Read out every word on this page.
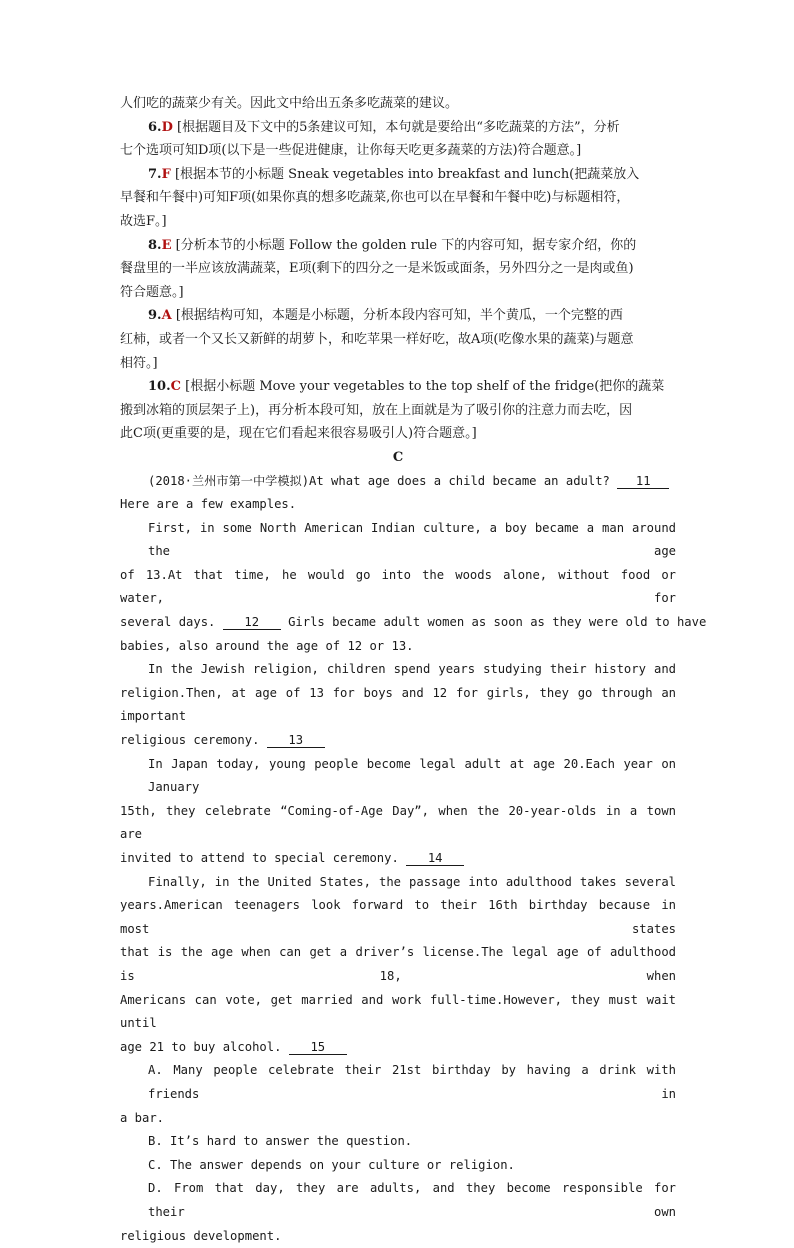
人们吃的蔬菜少有关。因此文中给出五条多吃蔬菜的建议。
6.D [根据题目及下文中的5条建议可知，本句就是要给出“多吃蔬菜的方法”，分析
七个选项可知D项(以下是一些促进健康，让你每天吃更多蔬菜的方法)符合题意。]
7.F [根据本节的小标题 Sneak vegetables into breakfast and lunch(把蔬菜放入
早餐和午餐中)可知F项(如果你真的想多吃蔬菜,你也可以在早餐和午餐中吃)与标题相符，
故选F。]
8.E [分析本节的小标题 Follow the golden rule 下的内容可知，据专家介绍，你的
餐盘里的一半应该放满蔬菜，E项(剩下的四分之一是米饭或面条，另外四分之一是肉或鱼)
符合题意。]
9.A [根据结构可知，本题是小标题，分析本段内容可知，半个黄瓜，一个完整的西
红柿，或者一个又长又新鲜的胡萝卜，和吃苹果一样好吃，故A项(吃像水果的蔬菜)与题意
相符。]
10.C [根据小标题 Move your vegetables to the top shelf of the fridge(把你的蔬菜
搬到冰箱的顶层架子上)，再分析本段可知，放在上面就是为了吸引你的注意力而去吃，因
此C项(更重要的是，现在它们看起来很容易吸引人)符合题意。]
C
(2018·兰州市第一中学模拟)At what age does a child became an adult? 11
Here are a few examples.
First, in some North American Indian culture, a boy became a man around the age
of 13.At that time, he would go into the woods alone, without food or water, for
several days. 12 Girls became adult women as soon as they were old to have
babies, also around the age of 12 or 13.
In the Jewish religion, children spend years studying their history and
religion.Then, at age of 13 for boys and 12 for girls, they go through an important
religious ceremony. 13
In Japan today, young people become legal adult at age 20.Each year on January
15th, they celebrate “Coming-of-Age Day”, when the 20-year-olds in a town are
invited to attend to special ceremony. 14
Finally, in the United States, the passage into adulthood takes several
years.American teenagers look forward to their 16th birthday because in most states
that is the age when can get a driver’s license.The legal age of adulthood is 18, when
Americans can vote, get married and work full-time.However, they must wait until
age 21 to buy alcohol. 15
A. Many people celebrate their 21st birthday by having a drink with friends in
a bar.
B. It’s hard to answer the question.
C. The answer depends on your culture or religion.
D. From that day, they are adults, and they become responsible for their own
religious development.
